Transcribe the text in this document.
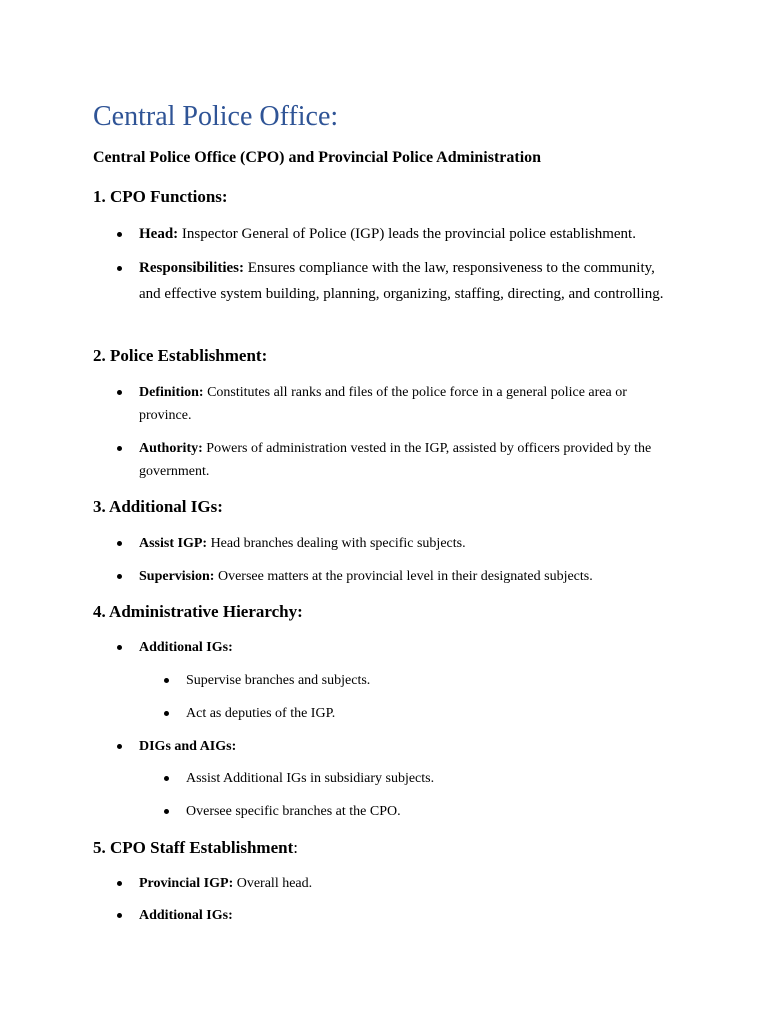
Central Police Office:
Central Police Office (CPO) and Provincial Police Administration
1. CPO Functions:

Head: Inspector General of Police (IGP) leads the provincial police establishment.

Responsibilities: Ensures compliance with the law, responsiveness to the community, and effective system building, planning, organizing, staffing, directing, and controlling.

2. Police Establishment:

Definition: Constitutes all ranks and files of the police force in a general police area or province.

Authority: Powers of administration vested in the IGP, assisted by officers provided by the government.

3. Additional IGs:

Assist IGP: Head branches dealing with specific subjects.

Supervision: Oversee matters at the provincial level in their designated subjects.

4. Administrative Hierarchy:

Additional IGs:

Supervise branches and subjects.

Act as deputies of the IGP.

DIGs and AIGs:

Assist Additional IGs in subsidiary subjects.

Oversee specific branches at the CPO.

5. CPO Staff Establishment:

Provincial IGP: Overall head.

Additional IGs:
